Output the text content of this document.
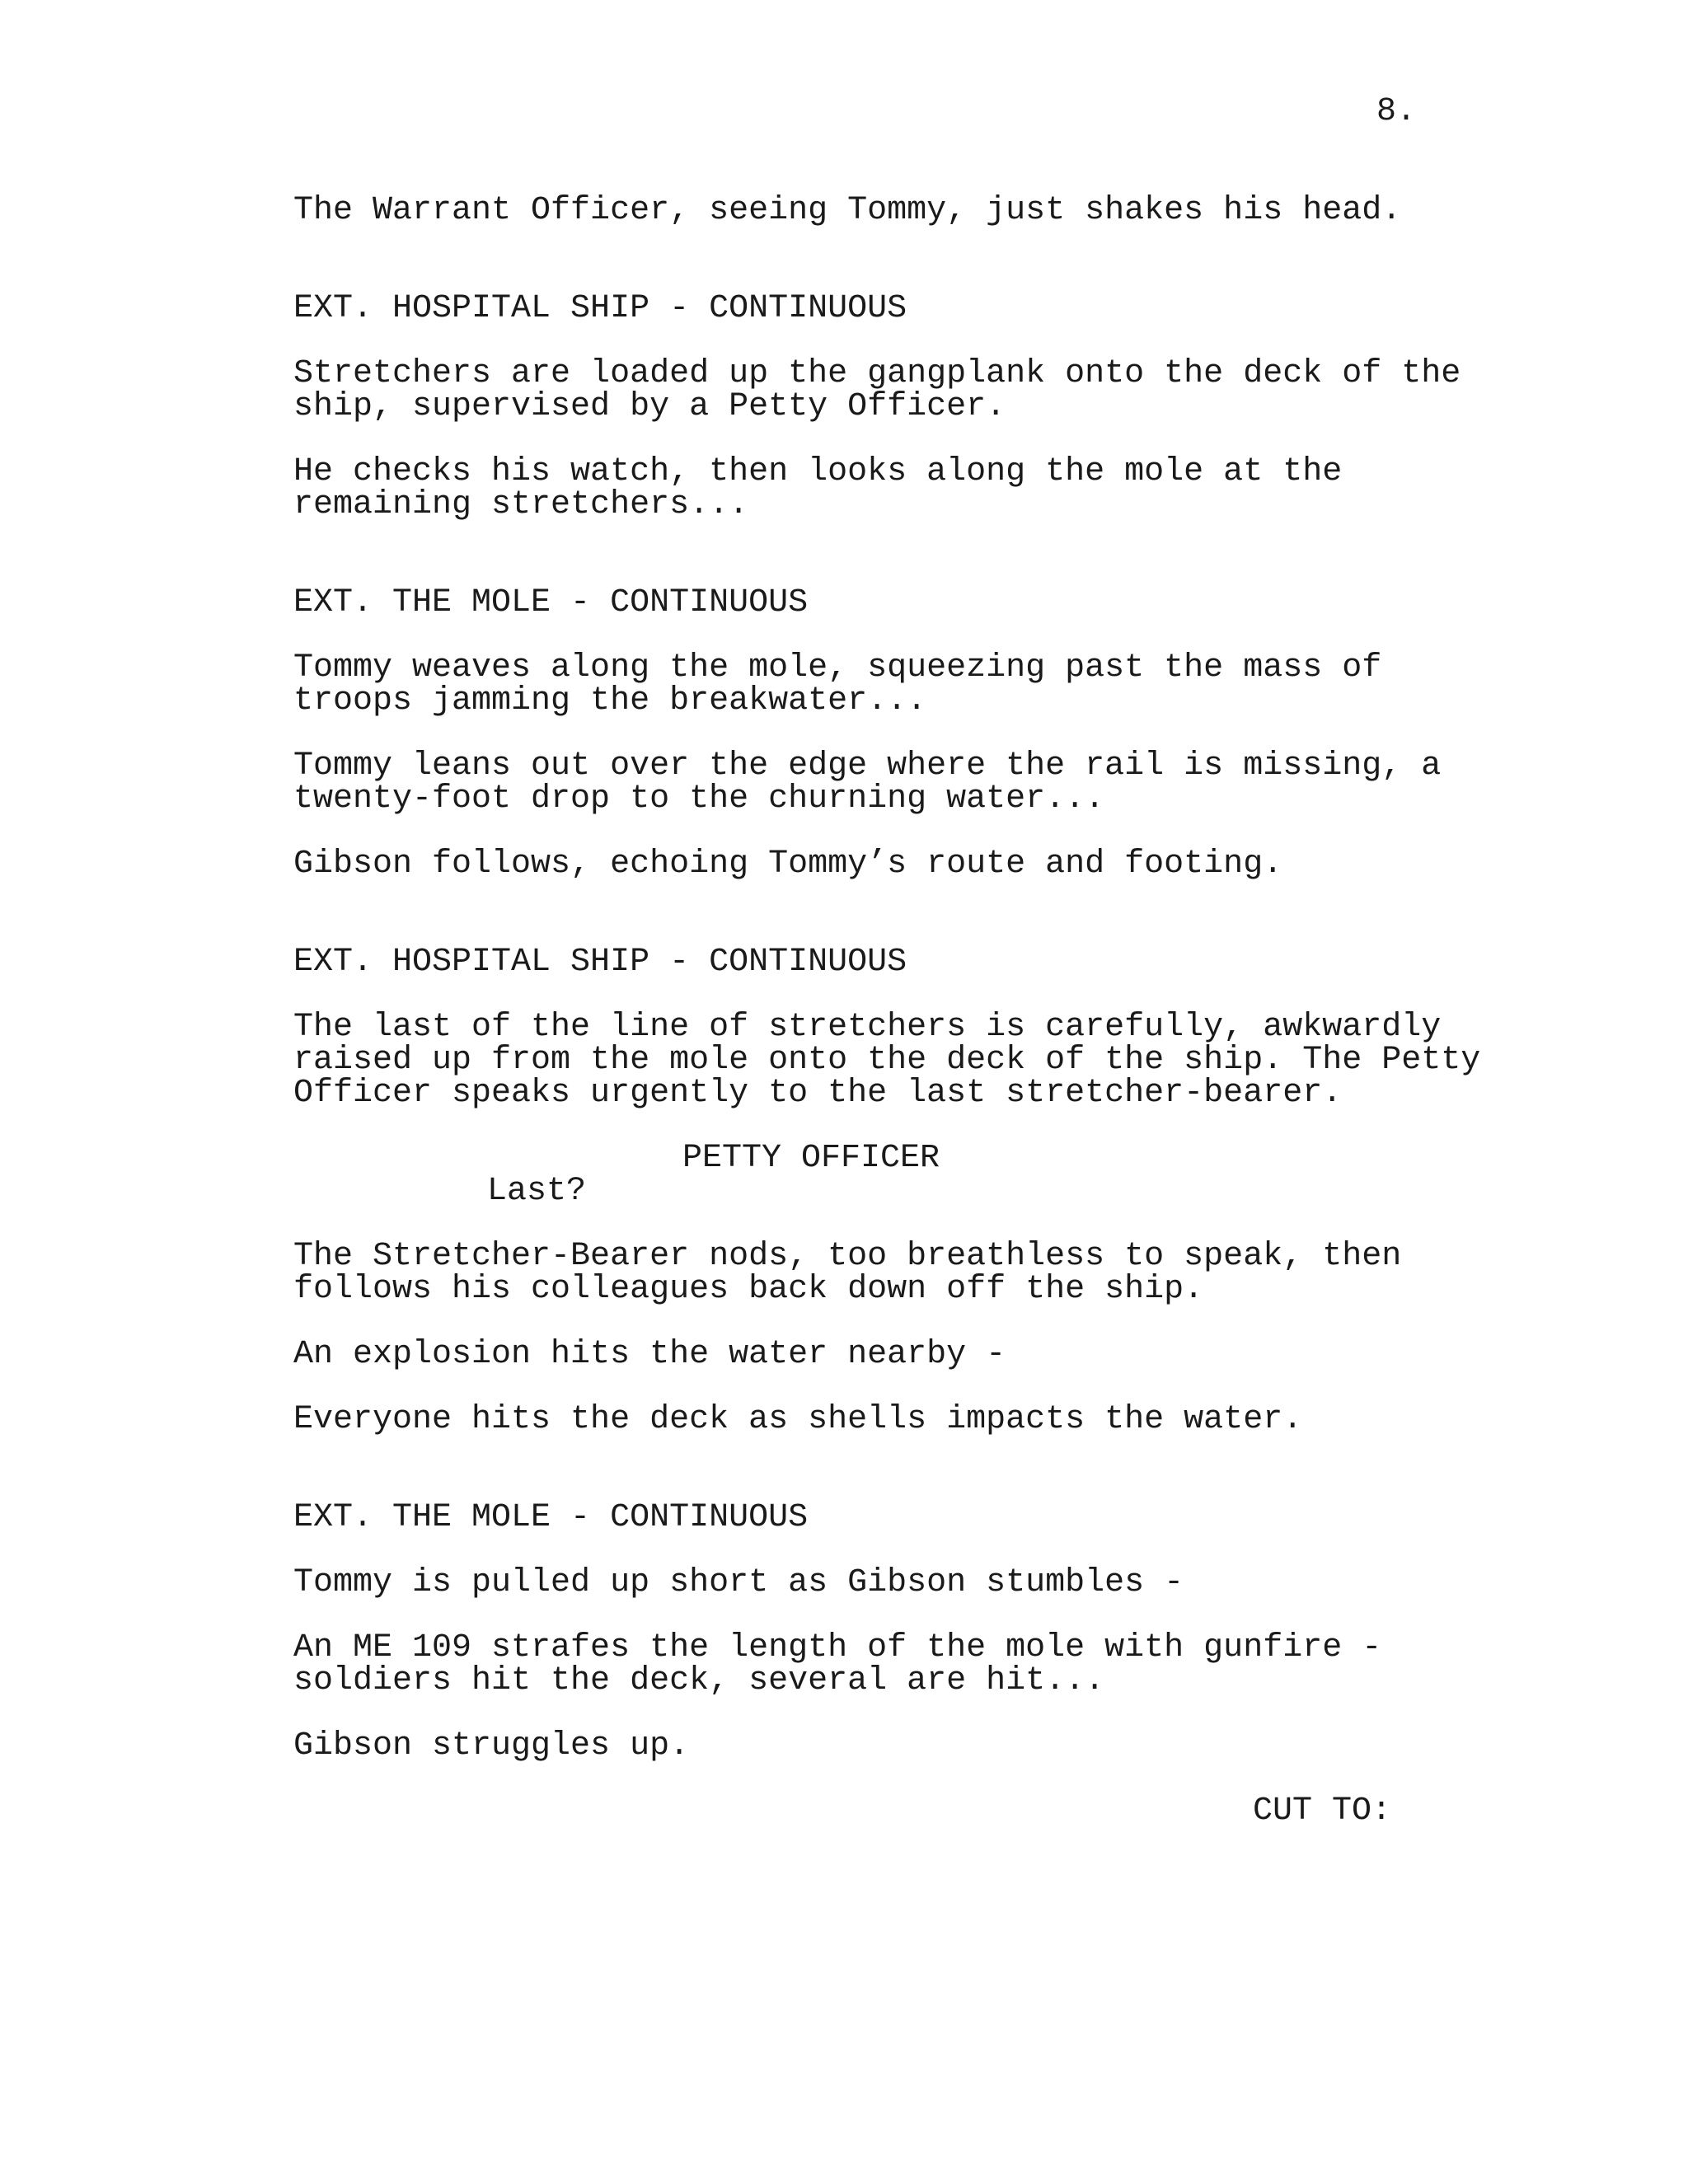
8.
The Warrant Officer, seeing Tommy, just shakes his head.
EXT. HOSPITAL SHIP - CONTINUOUS
Stretchers are loaded up the gangplank onto the deck of the
ship, supervised by a Petty Officer.
He checks his watch, then looks along the mole at the
remaining stretchers...
EXT. THE MOLE - CONTINUOUS
Tommy weaves along the mole, squeezing past the mass of
troops jamming the breakwater...
Tommy leans out over the edge where the rail is missing, a
twenty-foot drop to the churning water...
Gibson follows, echoing Tommy’s route and footing.
EXT. HOSPITAL SHIP - CONTINUOUS
The last of the line of stretchers is carefully, awkwardly
raised up from the mole onto the deck of the ship. The Petty
Officer speaks urgently to the last stretcher-bearer.
PETTY OFFICER
Last?
The Stretcher-Bearer nods, too breathless to speak, then
follows his colleagues back down off the ship.
An explosion hits the water nearby -
Everyone hits the deck as shells impacts the water.
EXT. THE MOLE - CONTINUOUS
Tommy is pulled up short as Gibson stumbles -
An ME 109 strafes the length of the mole with gunfire -
soldiers hit the deck, several are hit...
Gibson struggles up.
CUT TO:
